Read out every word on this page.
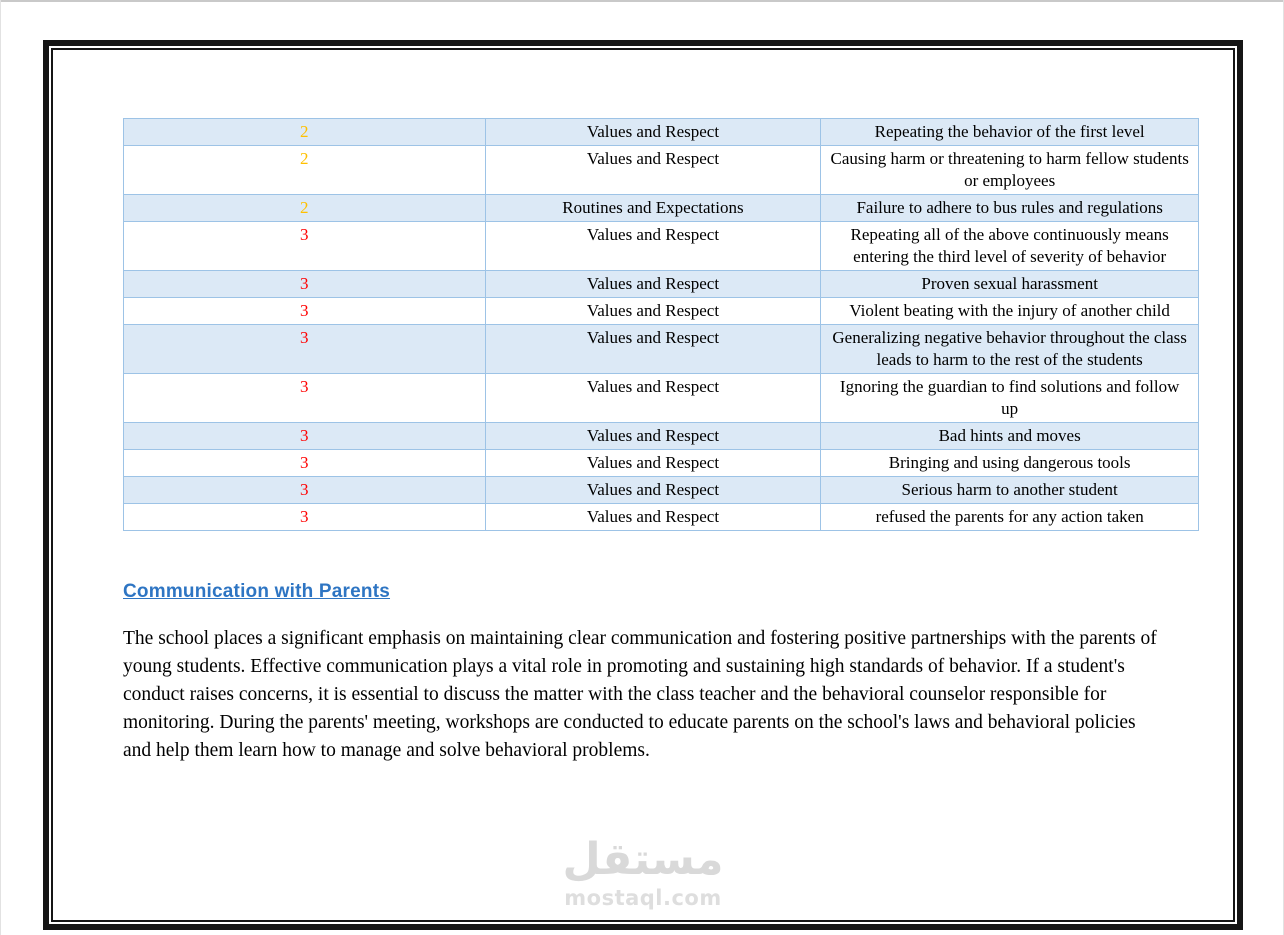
2	Values and Respect	Repeating the behavior of the first level
2	Values and Respect	Causing harm or threatening to harm fellow students or employees
2	Routines and Expectations	Failure to adhere to bus rules and regulations
3	Values and Respect	Repeating all of the above continuously means entering the third level of severity of behavior
3	Values and Respect	Proven sexual harassment
3	Values and Respect	Violent beating with the injury of another child
3	Values and Respect	Generalizing negative behavior throughout the class leads to harm to the rest of the students
3	Values and Respect	Ignoring the guardian to find solutions and follow up
3	Values and Respect	Bad hints and moves
3	Values and Respect	Bringing and using dangerous tools
3	Values and Respect	Serious harm to another student
3	Values and Respect	refused the parents for any action taken
Communication with Parents

The school places a significant emphasis on maintaining clear communication and fostering positive partnerships with the parents of young students. Effective communication plays a vital role in promoting and sustaining high standards of behavior. If a student's conduct raises concerns, it is essential to discuss the matter with the class teacher and the behavioral counselor responsible for monitoring. During the parents' meeting, workshops are conducted to educate parents on the school's laws and behavioral policies and help them learn how to manage and solve behavioral problems.

مستقل
mostaql.com
